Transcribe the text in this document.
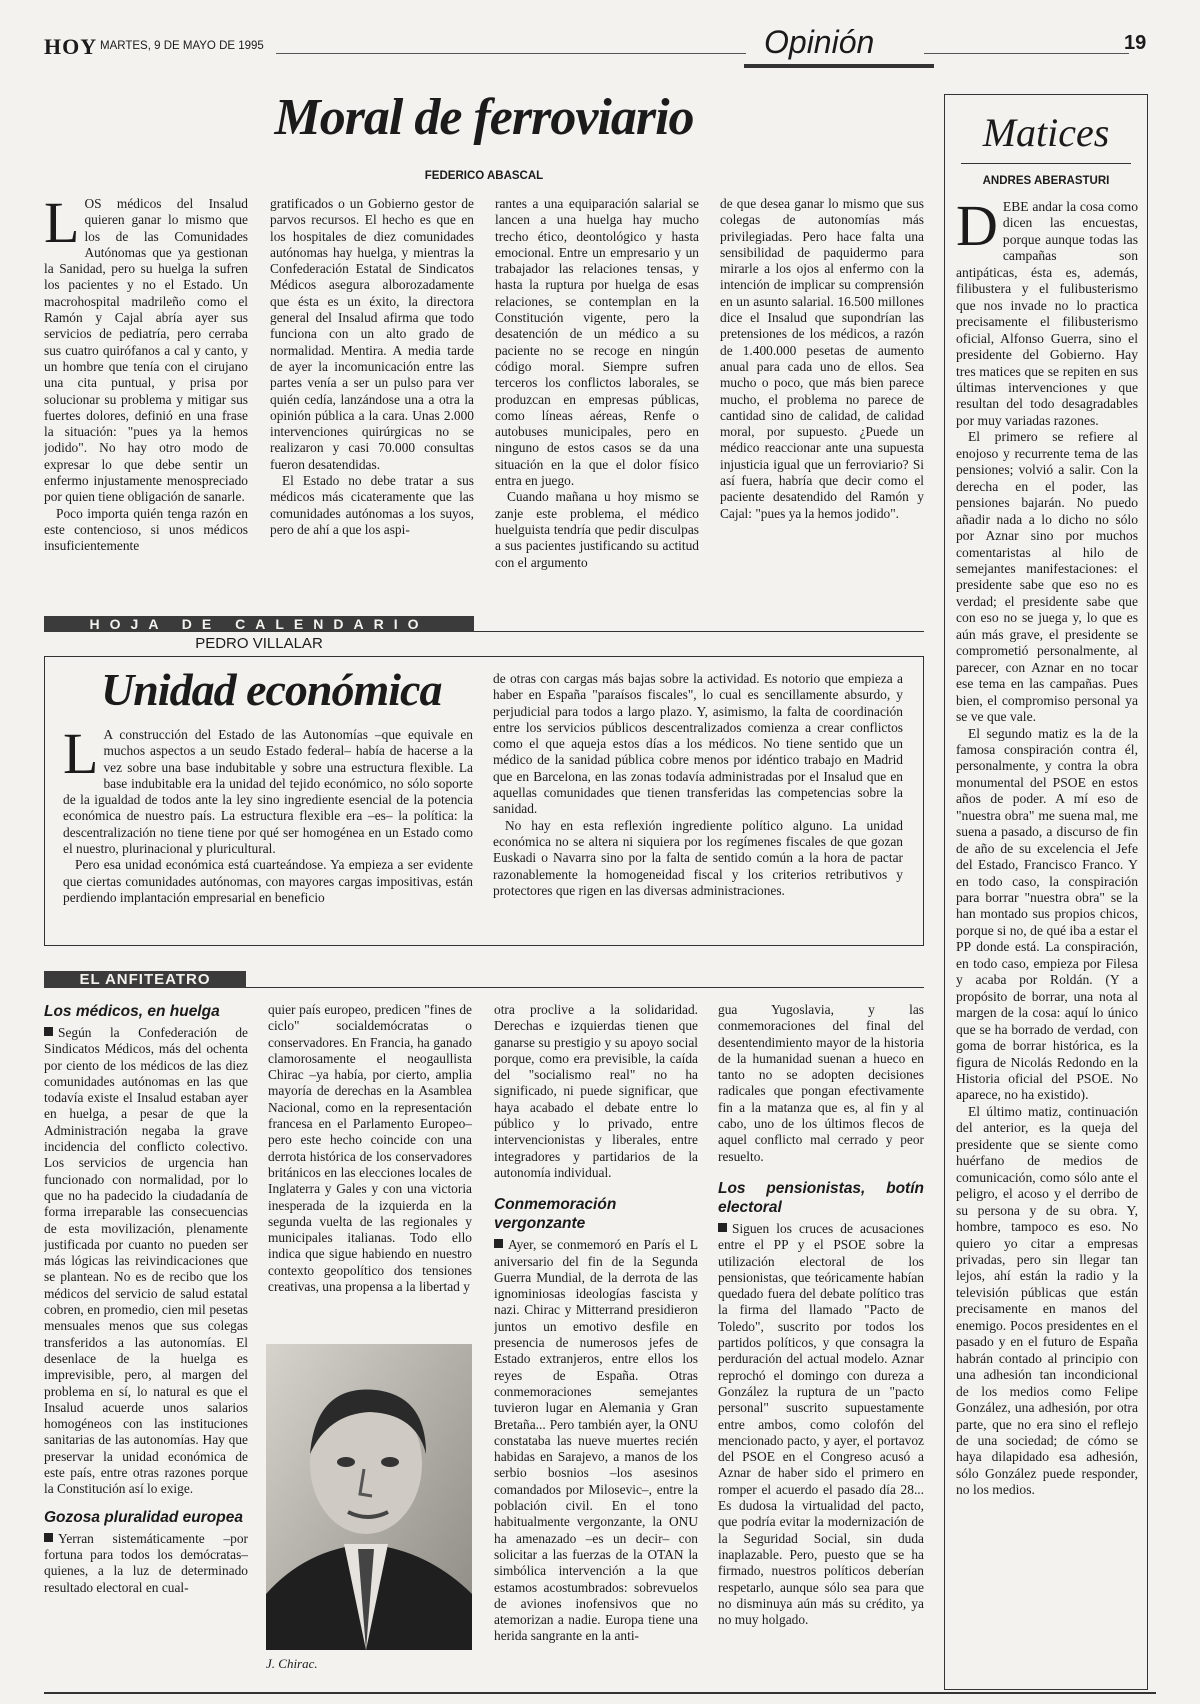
HOY MARTES, 9 DE MAYO DE 1995	Opinión	19
Moral de ferroviario
FEDERICO ABASCAL

LOS médicos del Insalud quieren ganar lo mismo que los de las Comunidades Autónomas que ya gestionan la Sanidad, pero su huelga la sufren los pacientes y no el Estado. Un macrohospital madrileño como el Ramón y Cajal abría ayer sus servicios de pediatría, pero cerraba sus cuatro quirófanos a cal y canto, y un hombre que tenía con el cirujano una cita puntual, y prisa por solucionar su problema y mitigar sus fuertes dolores, definió en una frase la situación: "pues ya la hemos jodido". No hay otro modo de expresar lo que debe sentir un enfermo injustamente menospreciado por quien tiene obligación de sanarle.

Poco importa quién tenga razón en este contencioso, si unos médicos insuficientemente

gratificados o un Gobierno gestor de parvos recursos. El hecho es que en los hospitales de diez comunidades autónomas hay huelga, y mientras la Confederación Estatal de Sindicatos Médicos asegura alborozadamente que ésta es un éxito, la directora general del Insalud afirma que todo funciona con un alto grado de normalidad. Mentira. A media tarde de ayer la incomunicación entre las partes venía a ser un pulso para ver quién cedía, lanzándose una a otra la opinión pública a la cara. Unas 2.000 intervenciones quirúrgicas no se realizaron y casi 70.000 consultas fueron desatendidas.

El Estado no debe tratar a sus médicos más cicateramente que las comunidades autónomas a los suyos, pero de ahí a que los aspi-

rantes a una equiparación salarial se lancen a una huelga hay mucho trecho ético, deontológico y hasta emocional. Entre un empresario y un trabajador las relaciones tensas, y hasta la ruptura por huelga de esas relaciones, se contemplan en la Constitución vigente, pero la desatención de un médico a su paciente no se recoge en ningún código moral. Siempre sufren terceros los conflictos laborales, se produzcan en empresas públicas, como líneas aéreas, Renfe o autobuses municipales, pero en ninguno de estos casos se da una situación en la que el dolor físico entra en juego.

Cuando mañana u hoy mismo se zanje este problema, el médico huelguista tendría que pedir disculpas a sus pacientes justificando su actitud con el argumento

de que desea ganar lo mismo que sus colegas de autonomías más privilegiadas. Pero hace falta una sensibilidad de paquidermo para mirarle a los ojos al enfermo con la intención de implicar su comprensión en un asunto salarial. 16.500 millones dice el Insalud que supondrían las pretensiones de los médicos, a razón de 1.400.000 pesetas de aumento anual para cada uno de ellos. Sea mucho o poco, que más bien parece mucho, el problema no parece de cantidad sino de calidad, de calidad moral, por supuesto. ¿Puede un médico reaccionar ante una supuesta injusticia igual que un ferroviario? Si así fuera, habría que decir como el paciente desatendido del Ramón y Cajal: "pues ya la hemos jodido".

Matices
ANDRES ABERASTURI

DEBE andar la cosa como dicen las encuestas, porque aunque todas las campañas son antipáticas, ésta es, además, filibustera y el fulibusterismo que nos invade no lo practica precisamente el filibusterismo oficial, Alfonso Guerra, sino el presidente del Gobierno. Hay tres matices que se repiten en sus últimas intervenciones y que resultan del todo desagradables por muy variadas razones.

El primero se refiere al enojoso y recurrente tema de las pensiones; volvió a salir. Con la derecha en el poder, las pensiones bajarán. No puedo añadir nada a lo dicho no sólo por Aznar sino por muchos comentaristas al hilo de semejantes manifestaciones: el presidente sabe que eso no es verdad; el presidente sabe que con eso no se juega y, lo que es aún más grave, el presidente se comprometió personalmente, al parecer, con Aznar en no tocar ese tema en las campañas. Pues bien, el compromiso personal ya se ve que vale.

El segundo matiz es la de la famosa conspiración contra él, personalmente, y contra la obra monumental del PSOE en estos años de poder. A mí eso de "nuestra obra" me suena mal, me suena a pasado, a discurso de fin de año de su excelencia el Jefe del Estado, Francisco Franco. Y en todo caso, la conspiración para borrar "nuestra obra" se la han montado sus propios chicos, porque si no, de qué iba a estar el PP donde está. La conspiración, en todo caso, empieza por Filesa y acaba por Roldán. (Y a propósito de borrar, una nota al margen de la cosa: aquí lo único que se ha borrado de verdad, con goma de borrar histórica, es la figura de Nicolás Redondo en la Historia oficial del PSOE. No aparece, no ha existido).

El último matiz, continuación del anterior, es la queja del presidente que se siente como huérfano de medios de comunicación, como sólo ante el peligro, el acoso y el derribo de su persona y de su obra. Y, hombre, tampoco es eso. No quiero yo citar a empresas privadas, pero sin llegar tan lejos, ahí están la radio y la televisión públicas que están precisamente en manos del enemigo. Pocos presidentes en el pasado y en el futuro de España habrán contado al principio con una adhesión tan incondicional de los medios como Felipe González, una adhesión, por otra parte, que no era sino el reflejo de una sociedad; de cómo se haya dilapidado esa adhesión, sólo González puede responder, no los medios.

HOJA DE CALENDARIO
PEDRO VILLALAR
Unidad económica

L A construcción del Estado de las Autonomías –que equivale en muchos aspectos a un seudo Estado federal– había de hacerse a la vez sobre una base indubitable y sobre una estructura flexible. La base indubitable era la unidad del tejido económico, no sólo soporte de la igualdad de todos ante la ley sino ingrediente esencial de la potencia económica de nuestro país. La estructura flexible era –es– la política: la descentralización no tiene tiene por qué ser homogénea en un Estado como el nuestro, plurinacional y pluricultural.

Pero esa unidad económica está cuarteándose. Ya empieza a ser evidente que ciertas comunidades autónomas, con mayores cargas impositivas, están perdiendo implantación empresarial en beneficio

de otras con cargas más bajas sobre la actividad. Es notorio que empieza a haber en España "paraísos fiscales", lo cual es sencillamente absurdo, y perjudicial para todos a largo plazo. Y, asimismo, la falta de coordinación entre los servicios públicos descentralizados comienza a crear conflictos como el que aqueja estos días a los médicos. No tiene sentido que un médico de la sanidad pública cobre menos por idéntico trabajo en Madrid que en Barcelona, en las zonas todavía administradas por el Insalud que en aquellas comunidades que tienen transferidas las competencias sobre la sanidad.

No hay en esta reflexión ingrediente político alguno. La unidad económica no se altera ni siquiera por los regímenes fiscales de que gozan Euskadi o Navarra sino por la falta de sentido común a la hora de pactar razonablemente la homogeneidad fiscal y los criterios retributivos y protectores que rigen en las diversas administraciones.

EL ANFITEATRO
Los médicos, en huelga

Según la Confederación de Sindicatos Médicos, más del ochenta por ciento de los médicos de las diez comunidades autónomas en las que todavía existe el Insalud estaban ayer en huelga, a pesar de que la Administración negaba la grave incidencia del conflicto colectivo. Los servicios de urgencia han funcionado con normalidad, por lo que no ha padecido la ciudadanía de forma irreparable las consecuencias de esta movilización, plenamente justificada por cuanto no pueden ser más lógicas las reivindicaciones que se plantean. No es de recibo que los médicos del servicio de salud estatal cobren, en promedio, cien mil pesetas mensuales menos que sus colegas transferidos a las autonomías. El desenlace de la huelga es imprevisible, pero, al margen del problema en sí, lo natural es que el Insalud acuerde unos salarios homogéneos con las instituciones sanitarias de las autonomías. Hay que preservar la unidad económica de este país, entre otras razones porque la Constitución así lo exige.

Gozosa pluralidad europea

Yerran sistemáticamente –por fortuna para todos los demócratas– quienes, a la luz de determinado resultado electoral en cual-

quier país europeo, predicen "fines de ciclo" socialdemócratas o conservadores. En Francia, ha ganado clamorosamente el neogaullista Chirac –ya había, por cierto, amplia mayoría de derechas en la Asamblea Nacional, como en la representación francesa en el Parlamento Europeo– pero este hecho coincide con una derrota histórica de los conservadores británicos en las elecciones locales de Inglaterra y Gales y con una victoria inesperada de la izquierda en la segunda vuelta de las regionales y municipales italianas. Todo ello indica que sigue habiendo en nuestro contexto geopolítico dos tensiones creativas, una propensa a la libertad y

J. Chirac.

otra proclive a la solidaridad. Derechas e izquierdas tienen que ganarse su prestigio y su apoyo social porque, como era previsible, la caída del "socialismo real" no ha significado, ni puede significar, que haya acabado el debate entre lo público y lo privado, entre intervencionistas y liberales, entre integradores y partidarios de la autonomía individual.

Conmemoración vergonzante

Ayer, se conmemoró en París el L aniversario del fin de la Segunda Guerra Mundial, de la derrota de las ignominiosas ideologías fascista y nazi. Chirac y Mitterrand presidieron juntos un emotivo desfile en presencia de numerosos jefes de Estado extranjeros, entre ellos los reyes de España. Otras conmemoraciones semejantes tuvieron lugar en Alemania y Gran Bretaña... Pero también ayer, la ONU constataba las nueve muertes recién habidas en Sarajevo, a manos de los serbio bosnios –los asesinos comandados por Milosevic–, entre la población civil. En el tono habitualmente vergonzante, la ONU ha amenazado –es un decir– con solicitar a las fuerzas de la OTAN la simbólica intervención a la que estamos acostumbrados: sobrevuelos de aviones inofensivos que no atemorizan a nadie. Europa tiene una herida sangrante en la anti-

gua Yugoslavia, y las conmemoraciones del final del desentendimiento mayor de la historia de la humanidad suenan a hueco en tanto no se adopten decisiones radicales que pongan efectivamente fin a la matanza que es, al fin y al cabo, uno de los últimos flecos de aquel conflicto mal cerrado y peor resuelto.

Los pensionistas, botín electoral

Siguen los cruces de acusaciones entre el PP y el PSOE sobre la utilización electoral de los pensionistas, que teóricamente habían quedado fuera del debate político tras la firma del llamado "Pacto de Toledo", suscrito por todos los partidos políticos, y que consagra la perduración del actual modelo. Aznar reprochó el domingo con dureza a González la ruptura de un "pacto personal" suscrito supuestamente entre ambos, como colofón del mencionado pacto, y ayer, el portavoz del PSOE en el Congreso acusó a Aznar de haber sido el primero en romper el acuerdo el pasado día 28... Es dudosa la virtualidad del pacto, que podría evitar la modernización de la Seguridad Social, sin duda inaplazable. Pero, puesto que se ha firmado, nuestros políticos deberían respetarlo, aunque sólo sea para que no disminuya aún más su crédito, ya no muy holgado.
